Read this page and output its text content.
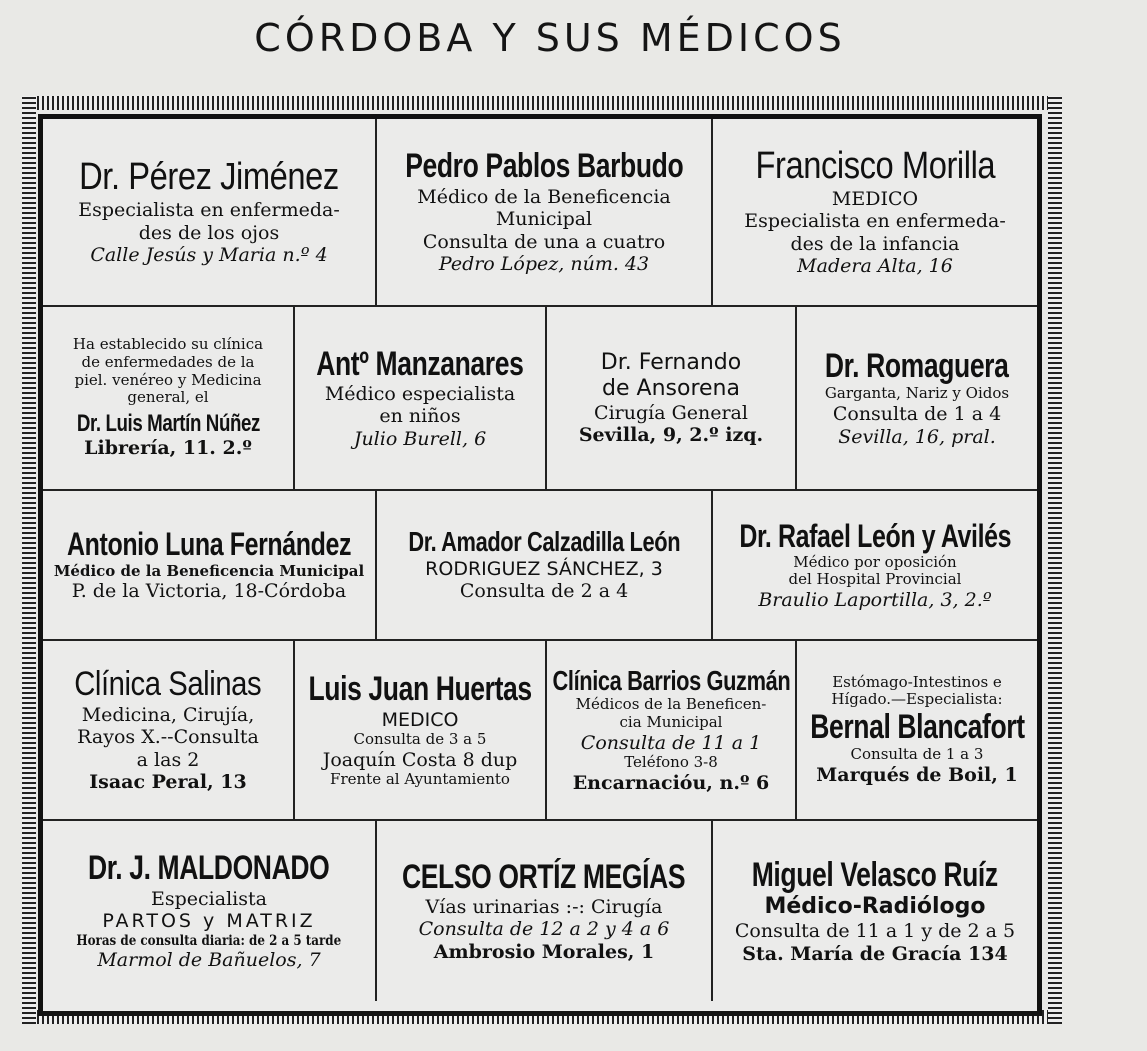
CÓRDOBA Y SUS MÉDICOS
Dr. Pérez Jiménez
Especialista en enfermeda-
des de los ojos
Calle Jesús y Maria n.º 4
Pedro Pablos Barbudo
Médico de la Beneficencia
Municipal
Consulta de una a cuatro
Pedro López, núm. 43
Francisco Morilla
MEDICO
Especialista en enfermeda-
des de la infancia
Madera Alta, 16
Ha establecido su clínica
de enfermedades de la
piel. venéreo y Medicina
general, el
Dr. Luis Martín Núñez
Librería, 11. 2.º
Antº Manzanares
Médico especialista
en niños
Julio Burell, 6
Dr. Fernando
de Ansorena
Cirugía General
Sevilla, 9, 2.º izq.
Dr. Romaguera
Garganta, Nariz y Oidos
Consulta de 1 a 4
Sevilla, 16, pral.
Antonio Luna Fernández
Médico de la Beneficencia Municipal
P. de la Victoria, 18-Córdoba
Dr. Amador Calzadilla León
RODRIGUEZ SÁNCHEZ, 3
Consulta de 2 a 4
Dr. Rafael León y Avilés
Médico por oposición
del Hospital Provincial
Braulio Laportilla, 3, 2.º
Clínica Salinas
Medicina, Cirujía,
Rayos X.--Consulta
a las 2
Isaac Peral, 13
Luis Juan Huertas
MEDICO
Consulta de 3 a 5
Joaquín Costa 8 dup
Frente al Ayuntamiento
Clínica Barrios Guzmán
Médicos de la Beneficen-
cia Municipal
Consulta de 11 a 1
Teléfono 3-8
Encarnacióu, n.º 6
Estómago-Intestinos e
Hígado.—Especialista:
Bernal Blancafort
Consulta de 1 a 3
Marqués de Boil, 1
Dr. J. MALDONADO
Especialista
PARTOS y MATRIZ
Horas de consulta diaria: de 2 a 5 tarde
Marmol de Bañuelos, 7
CELSO ORTÍZ MEGÍAS
Vías urinarias :-: Cirugía
Consulta de 12 a 2 y 4 a 6
Ambrosio Morales, 1
Miguel Velasco Ruíz
Médico-Radiólogo
Consulta de 11 a 1 y de 2 a 5
Sta. María de Gracía 134
